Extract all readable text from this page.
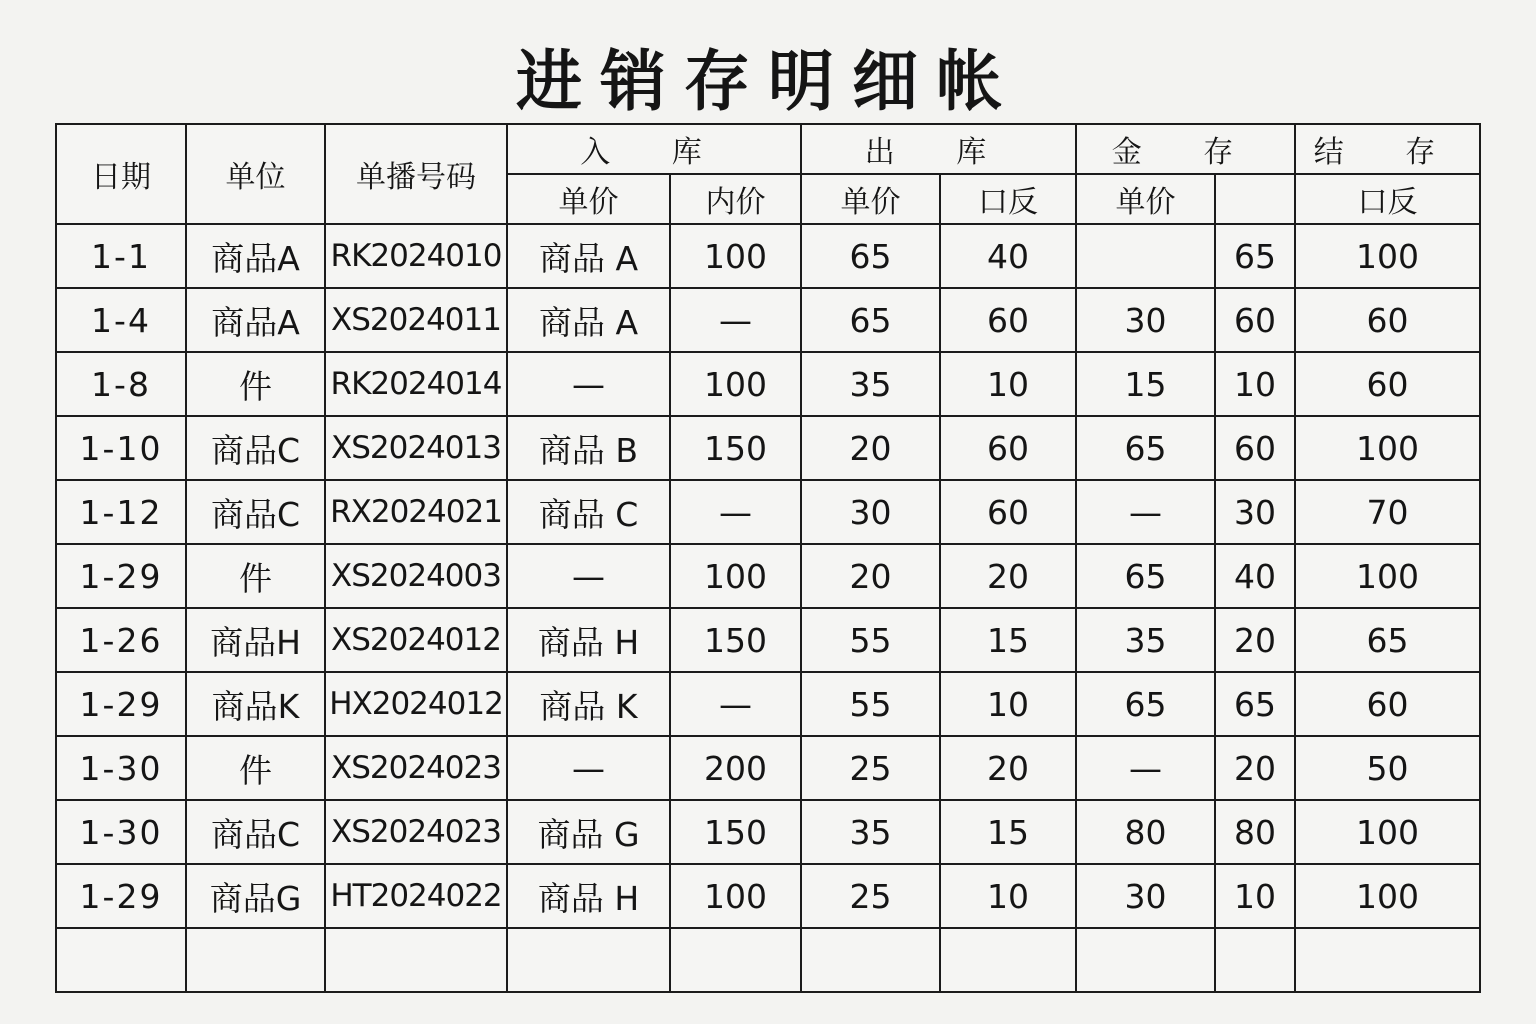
进销存明细帐
日期	单位	单播号码	入 库		出 库		金 存		结 存
			单价	内价	单价	口反	单价		口反
1-1	商品A	RK2024010	商品 A	100	65	40		65	100
1-4	商品A	XS2024011	商品 A	—	65	60	30	60	60
1-8	件	RK2024014	—	100	35	10	15	10	60
1-10	商品C	XS2024013	商品 B	150	20	60	65	60	100
1-12	商品C	RX2024021	商品 C	—	30	60	—	30	70
1-29	件	XS2024003	—	100	20	20	65	40	100
1-26	商品H	XS2024012	商品 H	150	55	15	35	20	65
1-29	商品K	HX2024012	商品 K	—	55	10	65	65	60
1-30	件	XS2024023	—	200	25	20	—	20	50
1-30	商品C	XS2024023	商品 G	150	35	15	80	80	100
1-29	商品G	HT2024022	商品 H	100	25	10	30	10	100
